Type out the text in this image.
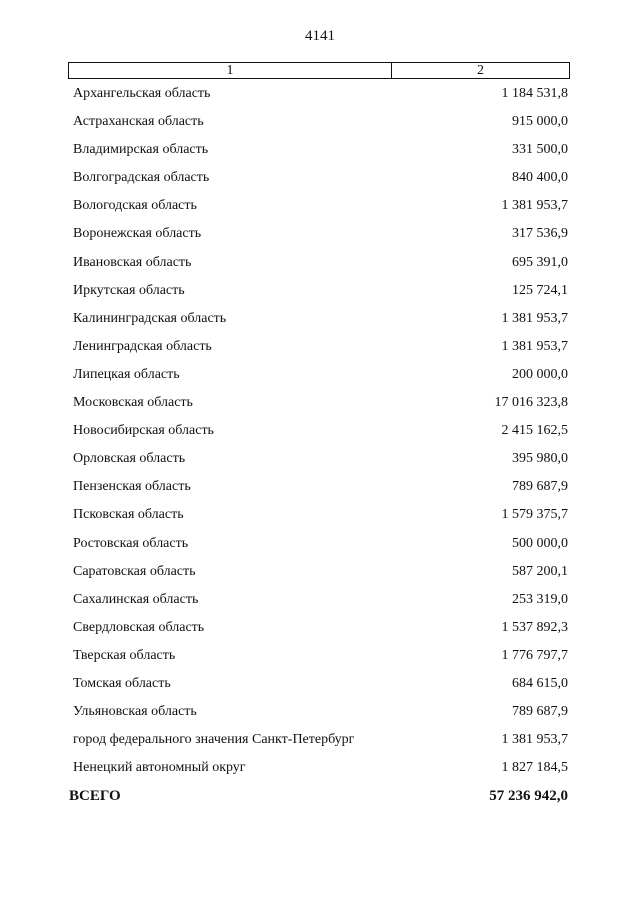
4141
1	2
Архангельская область	1 184 531,8
Астраханская область	915 000,0
Владимирская область	331 500,0
Волгоградская область	840 400,0
Вологодская область	1 381 953,7
Воронежская область	317 536,9
Ивановская область	695 391,0
Иркутская область	125 724,1
Калининградская область	1 381 953,7
Ленинградская область	1 381 953,7
Липецкая область	200 000,0
Московская область	17 016 323,8
Новосибирская область	2 415 162,5
Орловская область	395 980,0
Пензенская область	789 687,9
Псковская область	1 579 375,7
Ростовская область	500 000,0
Саратовская область	587 200,1
Сахалинская область	253 319,0
Свердловская область	1 537 892,3
Тверская область	1 776 797,7
Томская область	684 615,0
Ульяновская область	789 687,9
город федерального значения Санкт-Петербург	1 381 953,7
Ненецкий автономный округ	1 827 184,5
ВСЕГО	57 236 942,0
